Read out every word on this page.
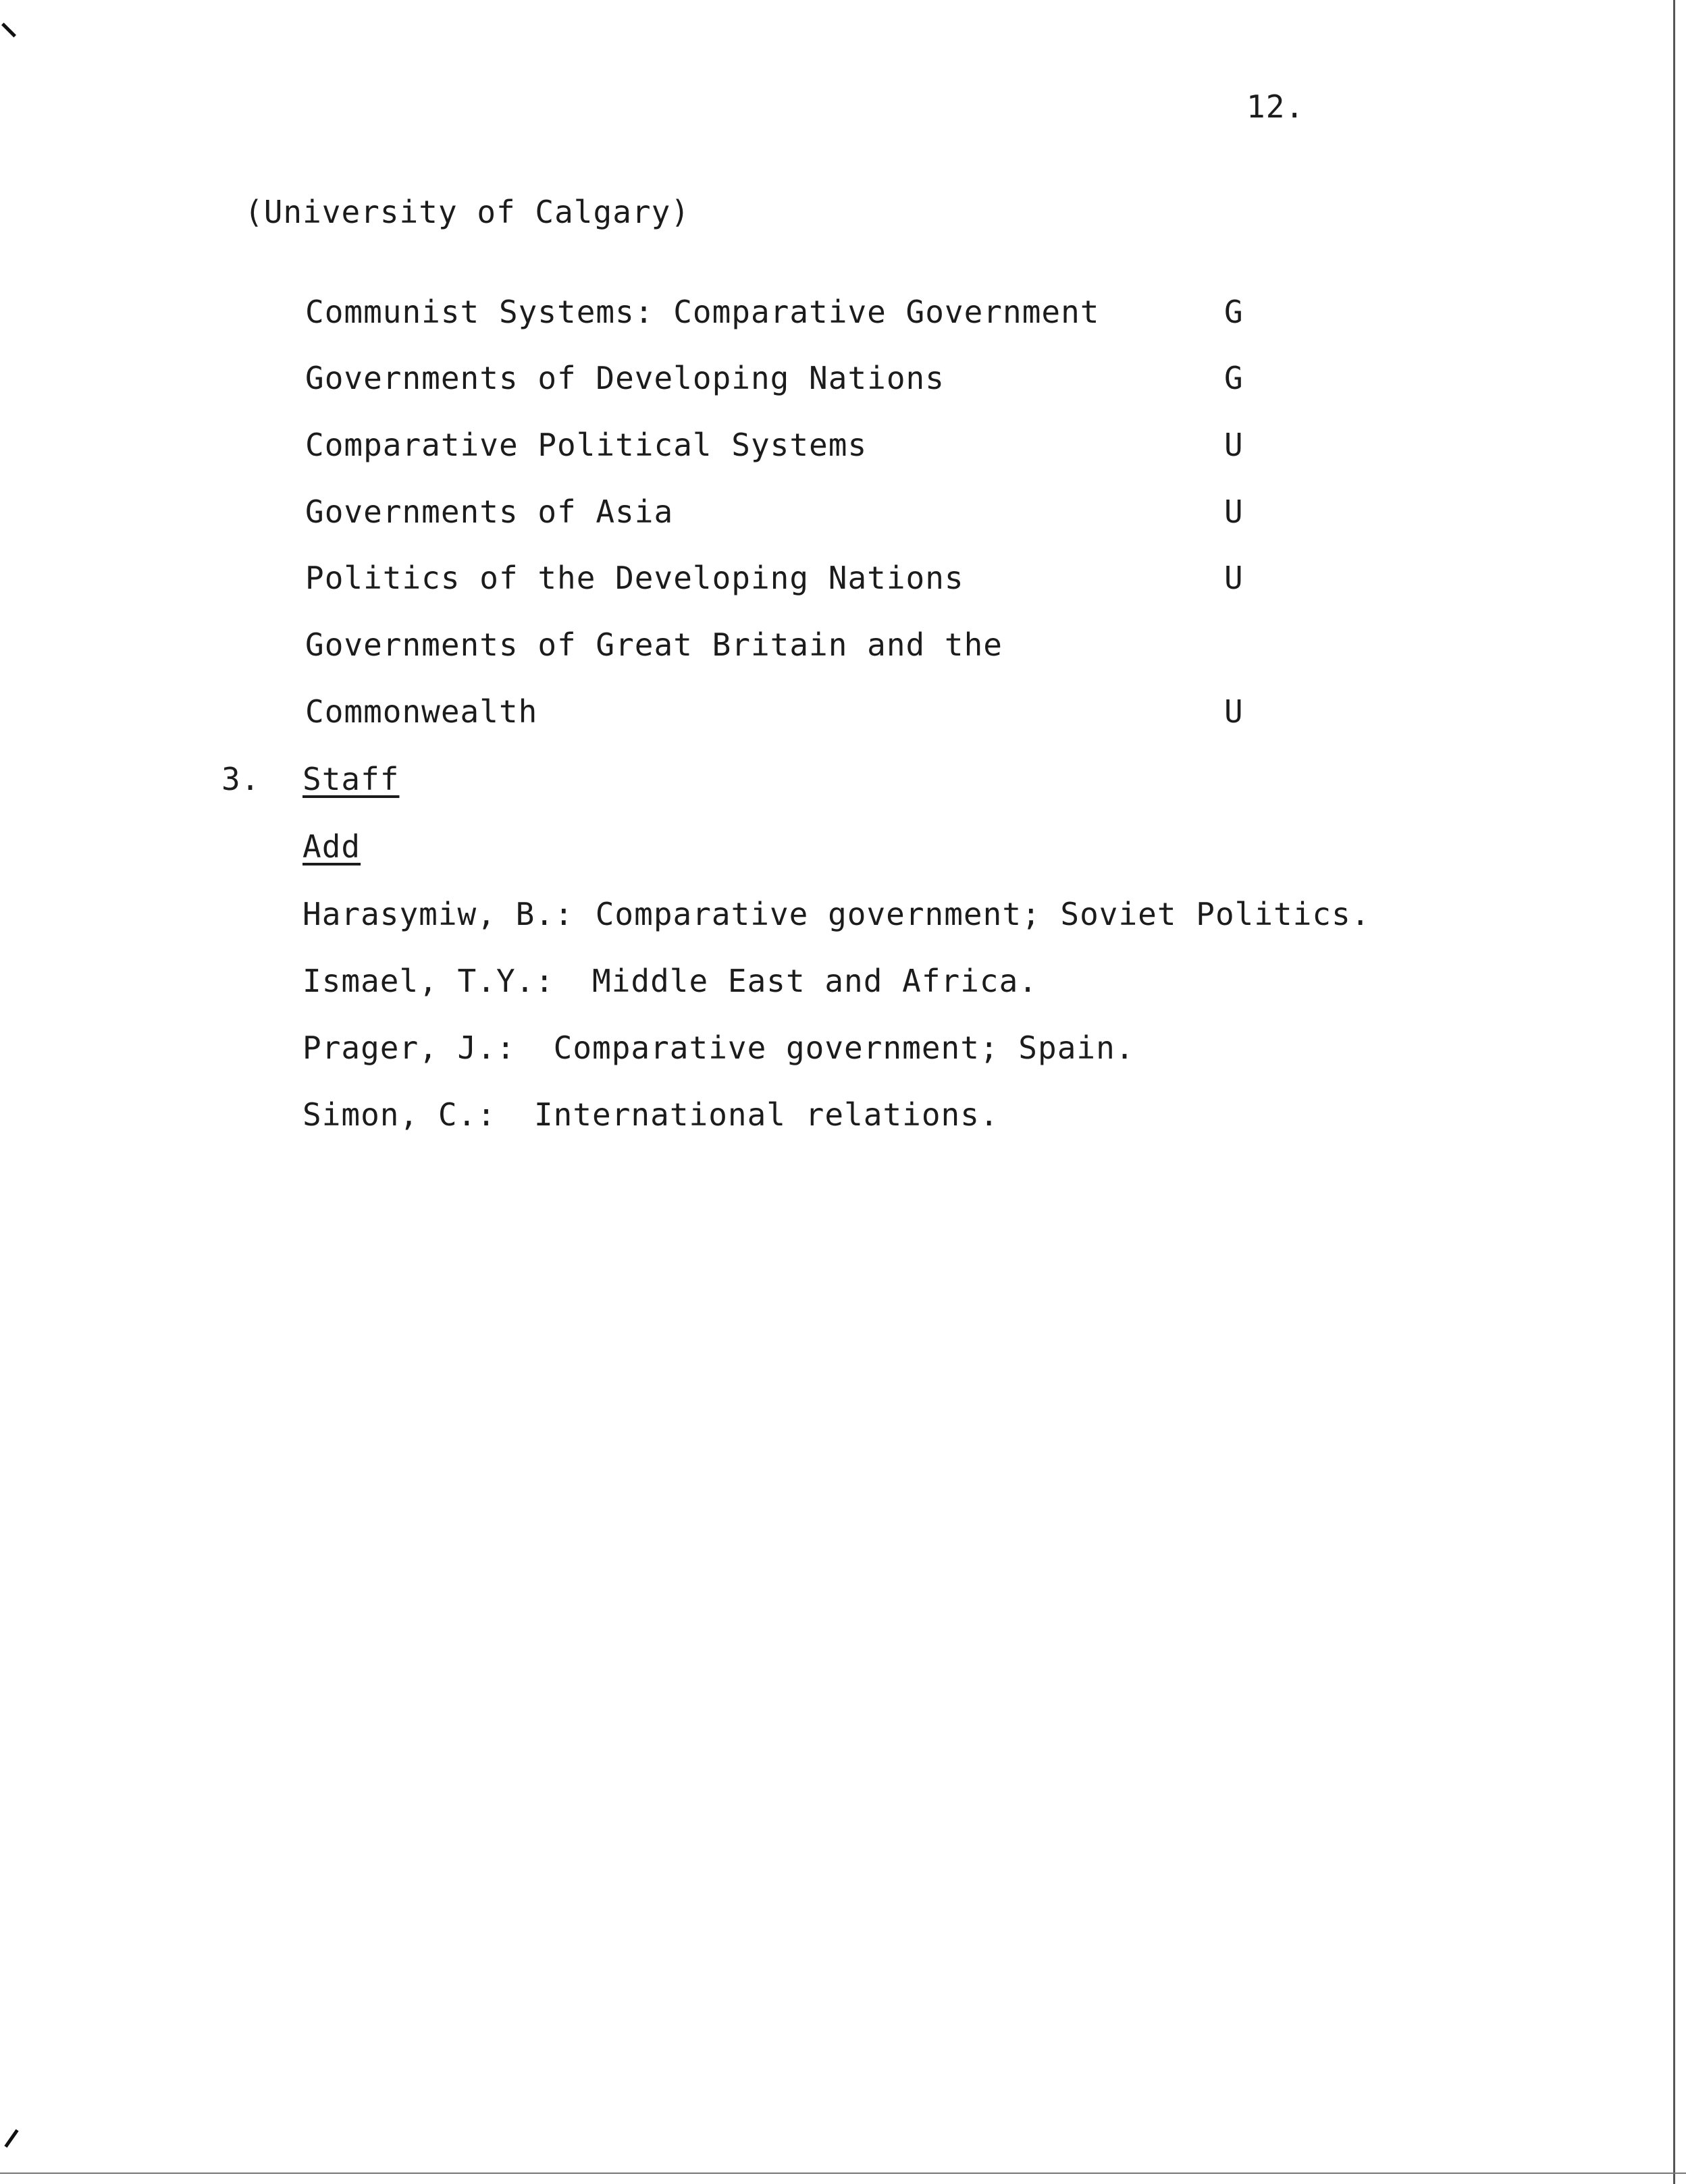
12.
(University of Calgary)
Communist Systems: Comparative Government	G
Governments of Developing Nations	G
Comparative Political Systems	U
Governments of Asia	U
Politics of the Developing Nations	U
Governments of Great Britain and the
Commonwealth	U
3. Staff
Add
Harasymiw, B.: Comparative government; Soviet Politics.
Ismael, T.Y.: Middle East and Africa.
Prager, J.: Comparative government; Spain.
Simon, C.: International relations.
